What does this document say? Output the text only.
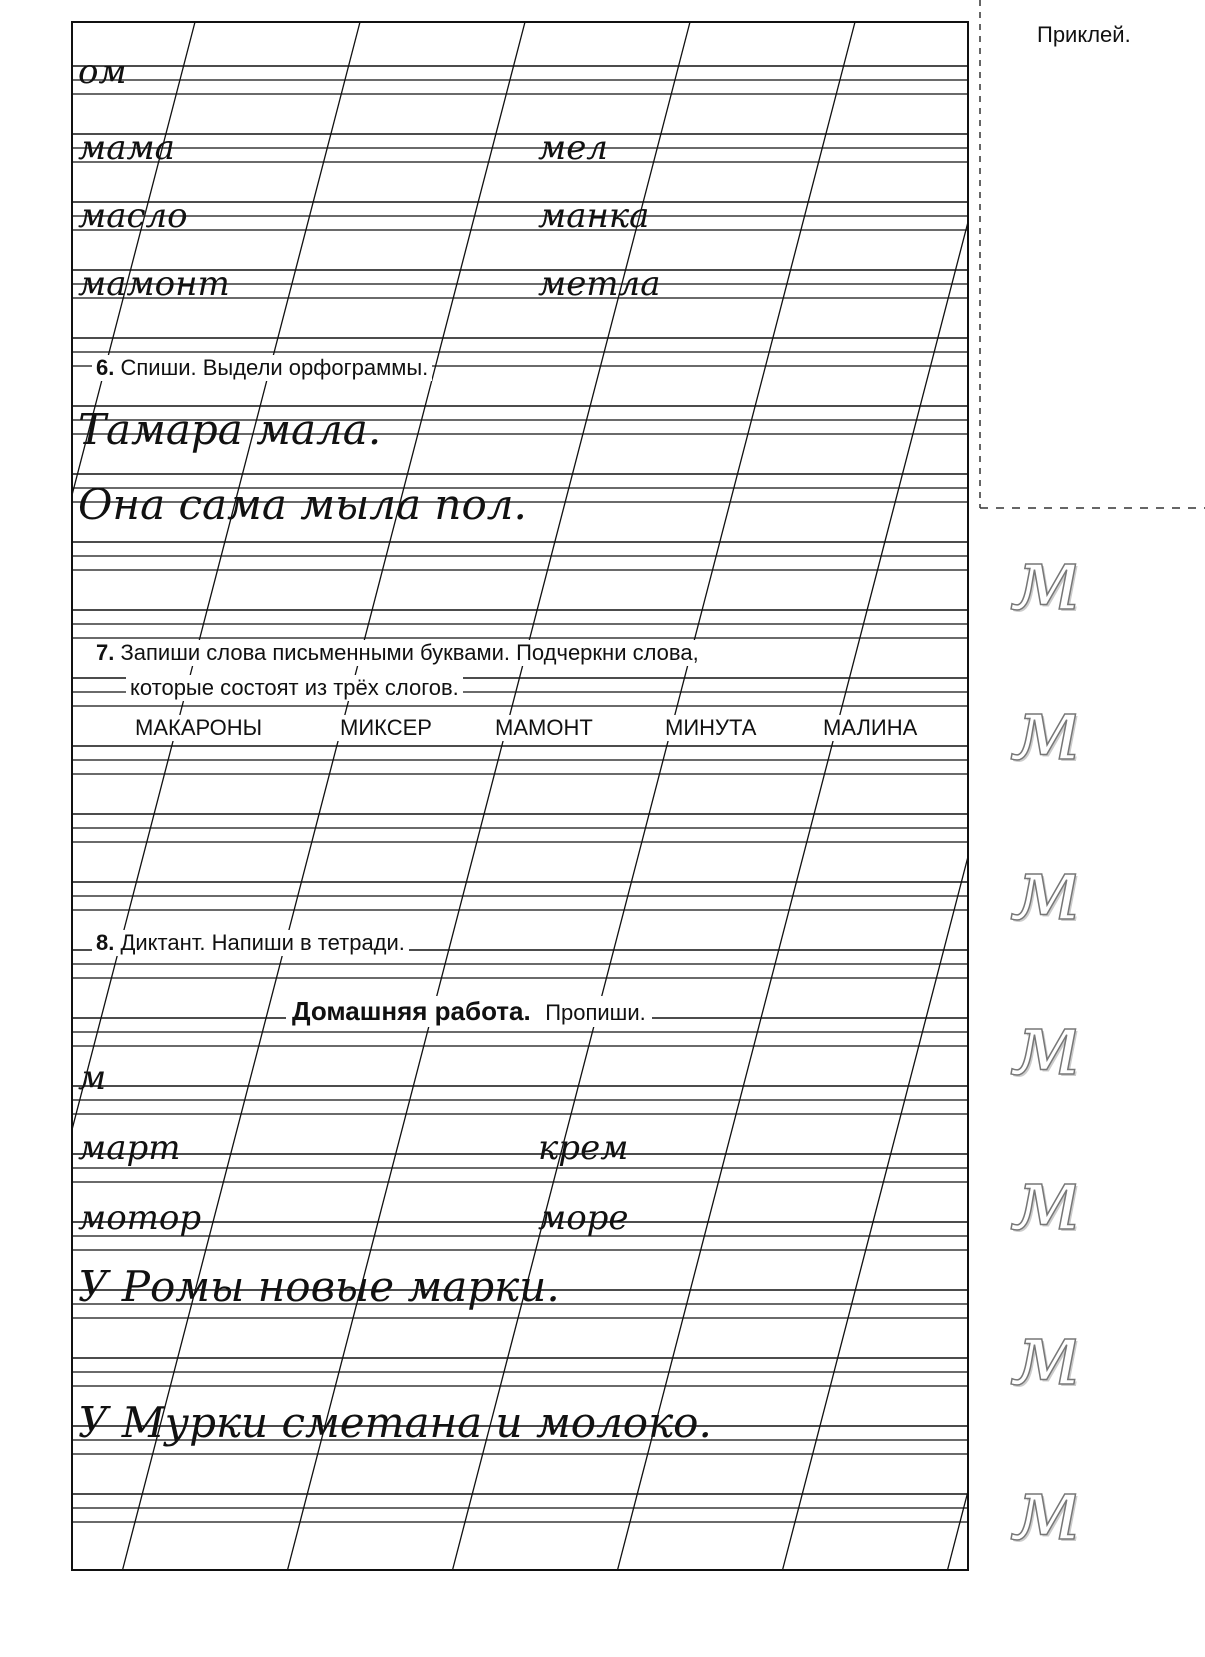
Приклей.
ом
мама	мел
масло	манка
мамонт	метла
6. Спиши. Выдели орфограммы.
Тамара мала.
Она сама мыла пол.
7. Запиши слова письменными буквами. Подчеркни слова,
которые состоят из трёх слогов.
МАКАРОНЫ	МИКСЕР	МАМОНТ	МИНУТА	МАЛИНА
8. Диктант. Напиши в тетради.
Домашняя работа. Пропиши.
м
март	крем
мотор	море
У Ромы новые марки.
У Мурки сметана и молоко.
м
м
м
м
м
м
м
